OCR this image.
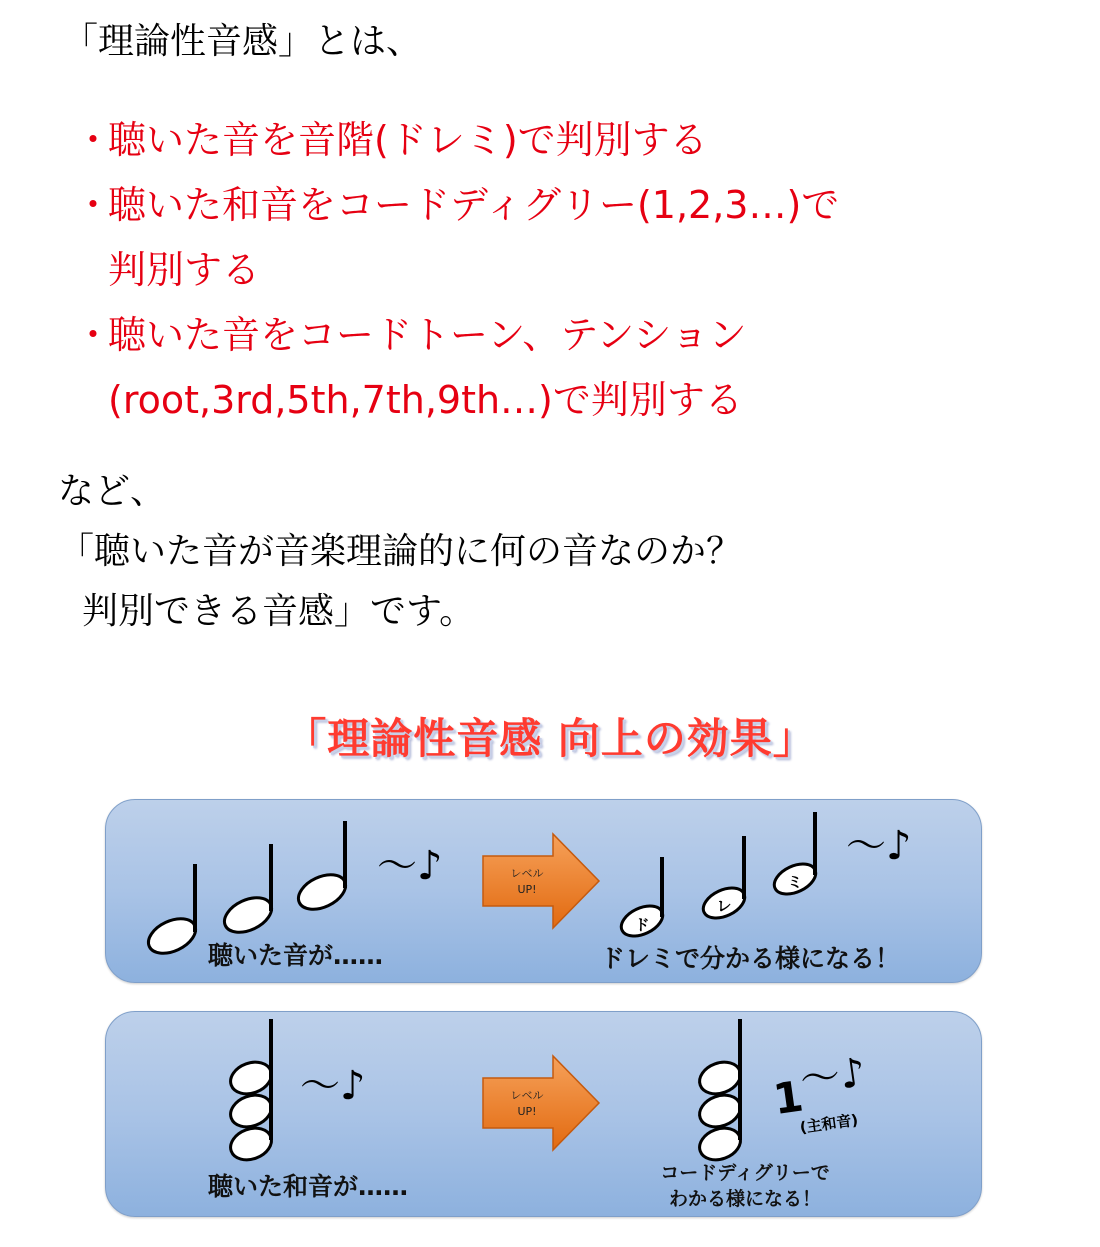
「理論性音感」とは、
・
聴いた音を音階(ドレミ)で判別する
・
聴いた和音をコードディグリー(1,2,3…)で
判別する
・
聴いた音をコードトーン、テンション
(root,3rd,5th,7th,9th…)で判別する
など、
「聴いた音が音楽理論的に何の音なのか？
判別できる音感」です。
「理論性音感 向上の効果」
～♪	レベル
UP!
ド
レ
ミ
～♪
聴いた音が……	ドレミで分かる様になる！
～♪	レベル
UP!	1
～♪
(主和音)
聴いた和音が……	コードディグリーで
わかる様になる！
